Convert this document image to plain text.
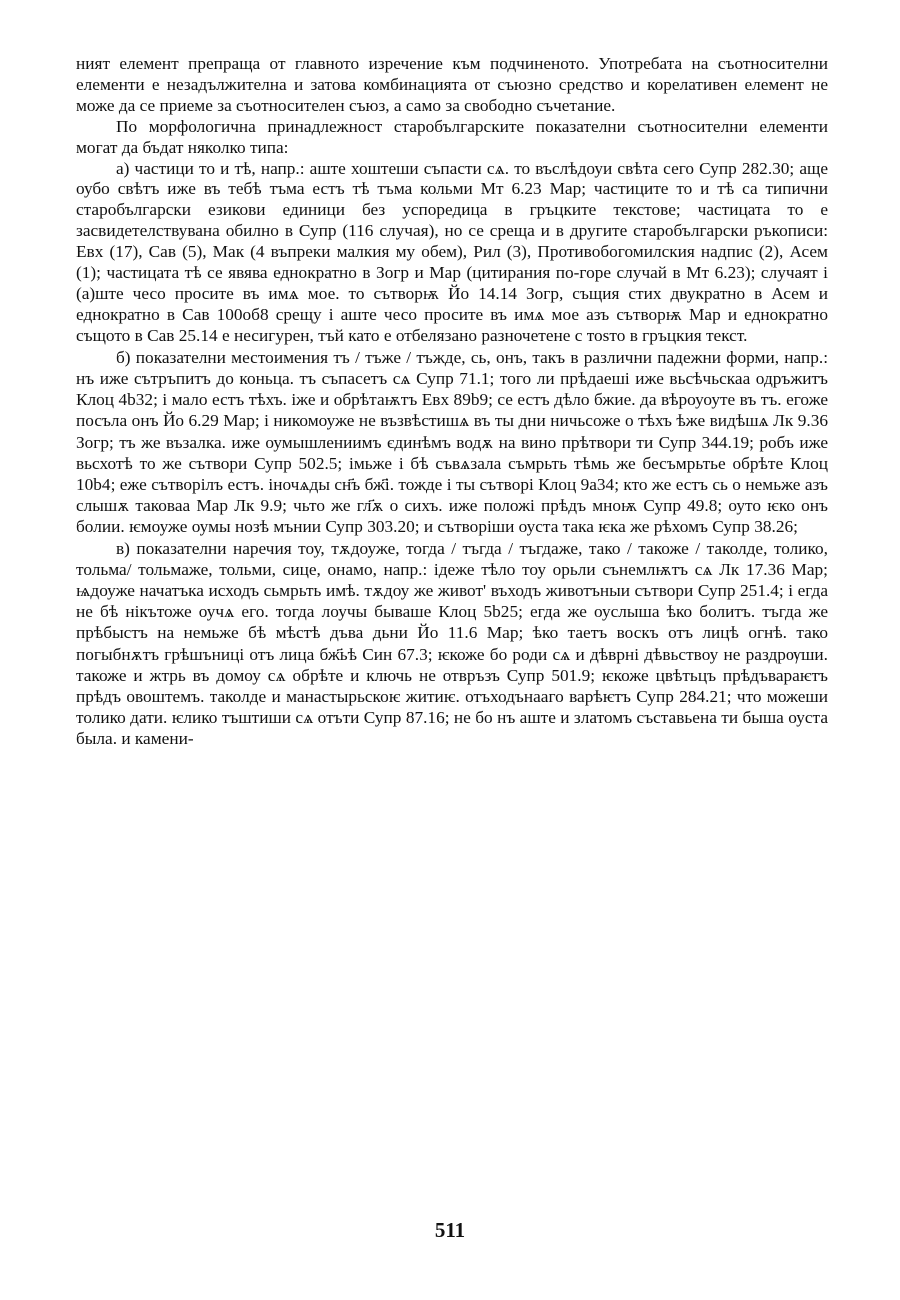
ният елемент препраща от главното изречение към подчиненото. Употребата на съотносителни елементи е незадължителна и затова комбинацията от съюзно средство и корелативен елемент не може да се приеме за съотносителен съюз, а само за свободно съчетание.

По морфологична принадлежност старобългарските показателни съотносителни елементи могат да бъдат няколко типа:

а) частици то и тѣ, напр.: аште хоштеши съпасти сѧ. то въслѣдоуи свѣта сего Супр 282.30; аще оубо свѣтъ иже въ тебѣ тъма естъ тѣ тъма кольми Мт 6.23 Мар; частиците то и тѣ са типични старобългарски езикови единици без успоредица в гръцките текстове; частицата то е засвидетелствувана обилно в Супр (116 случая), но се среща и в другите старобългарски ръкописи: Евх (17), Сав (5), Мак (4 въпреки малкия му обем), Рил (3), Противобогомилския надпис (2), Асем (1); частицата тѣ се явява еднократно в Зогр и Мар (цитирания по-горе случай в Мт 6.23); случаят і (а)ште чесо просите въ имѧ мое. то сътворѭ Йо 14.14 Зогр, същия стих двукратно в Асем и еднократно в Сав 100об8 срещу і аште чесо просите въ имѧ мое азъ сътворѭ Мар и еднократно същото в Сав 25.14 е несигурен, тъй като е отбелязано разночетене с тоѕто в гръцкия текст.

б) показателни местоимения тъ / тъже / тъжде, сь, онъ, такъ в различни падежни форми, напр.: нъ иже сътръпитъ до коньца. тъ съпасетъ сѧ Супр 71.1; того ли прѣдаеші иже вьсѣчьскаа одръжитъ Клоц 4b32; і мало естъ тѣхъ. іже и обрѣтаѭтъ Евх 89b9; се естъ дѣло бжие. да вѣроуоуте въ тъ. егоже посъла онъ Йо 6.29 Мар; і никомоуже не възвѣстишѧ въ ты дни ничьсоже о тѣхъ ѣже видѣшѧ Лк 9.36 Зогр; тъ же възалка. иже оумышлениимъ єдинѣмъ водѫ на вино прѣтвори ти Супр 344.19; робъ иже вьсхотѣ то же сътвори Супр 502.5; імьже і бѣ съвѧзала съмрьть тѣмь же бесъмрьтье обрѣте Клоц 10b4; еже сътворілъ естъ. іночѧды сн҃ъ бж҃і. тожде і ты сътворі Клоц 9a34; кто же естъ сь о немьже азъ слышѫ таковаа Мар Лк 9.9; чьто же гл҃ѫ о сихъ. иже положі прѣдъ мноѭ Супр 49.8; оуто ѥко онъ болии. ѥмоуже оумы нозѣ мънии Супр 303.20; и сътворіши оуста така ѥка же рѣхомъ Супр 38.26;

в) показателни наречия тоу, тѫдоуже, тогда / тъгда / тъгдаже, тако / такоже / таколде, толико, тольма/ тольмаже, тольми, сице, онамо, напр.: ідеже тѣло тоу орьли сънемлѭтъ сѧ Лк 17.36 Мар; ѩдоуже начатъка исходъ сьмрьть имѣ. тѫдоу же живот' въходъ животъныи сътвори Супр 251.4; і егда не бѣ нікътоже оучѧ его. тогда лоучы бываше Клоц 5b25; егда же оуслыша ѣко болитъ. тъгда же прѣбыстъ на немьже бѣ мѣстѣ дъва дьни Йо 11.6 Мар; ѣко таетъ воскъ отъ лицѣ огнѣ. тако погыбнѫтъ грѣшъниці отъ лица бж҃ьѣ Син 67.3; ѥкоже бо роди сѧ и дѣврні дѣвьствоу не раздрѹши. такоже и жтрь въ домоу сѧ обрѣте и ключь не отвръзъ Супр 501.9; ѥкоже цвѣтьцъ прѣдъвараѥтъ прѣдъ овоштемъ. таколде и манастырьскоѥ житиѥ. отъходънааго варѣѥтъ Супр 284.21; что можеши толико дати. ѥлико тъштиши сѧ отъти Супр 87.16; не бо нъ аште и златомъ съставьена ти быша оуста была. и камени-

511
